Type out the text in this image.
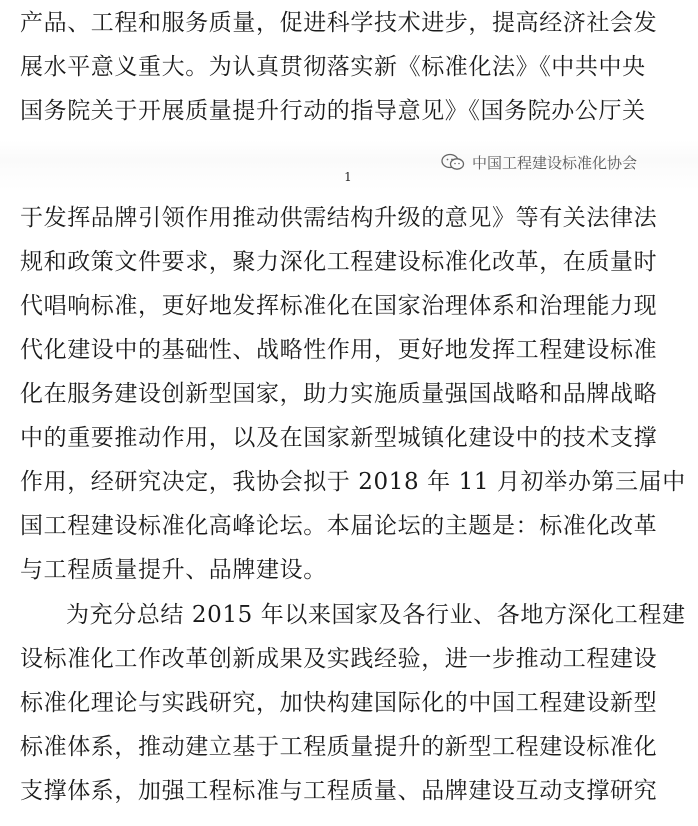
产品、工程和服务质量，促进科学技术进步，提高经济社会发
展水平意义重大。为认真贯彻落实新《标准化法》《中共中央
国务院关于开展质量提升行动的指导意见》《国务院办公厅关
中国工程建设标准化协会
1
于发挥品牌引领作用推动供需结构升级的意见》等有关法律法
规和政策文件要求，聚力深化工程建设标准化改革，在质量时
代唱响标准，更好地发挥标准化在国家治理体系和治理能力现
代化建设中的基础性、战略性作用，更好地发挥工程建设标准
化在服务建设创新型国家，助力实施质量强国战略和品牌战略
中的重要推动作用，以及在国家新型城镇化建设中的技术支撑
作用，经研究决定，我协会拟于 2018 年 11 月初举办第三届中
国工程建设标准化高峰论坛。本届论坛的主题是：标准化改革
与工程质量提升、品牌建设。
为充分总结 2015 年以来国家及各行业、各地方深化工程建
设标准化工作改革创新成果及实践经验，进一步推动工程建设
标准化理论与实践研究，加快构建国际化的中国工程建设新型
标准体系，推动建立基于工程质量提升的新型工程建设标准化
支撑体系，加强工程标准与工程质量、品牌建设互动支撑研究
